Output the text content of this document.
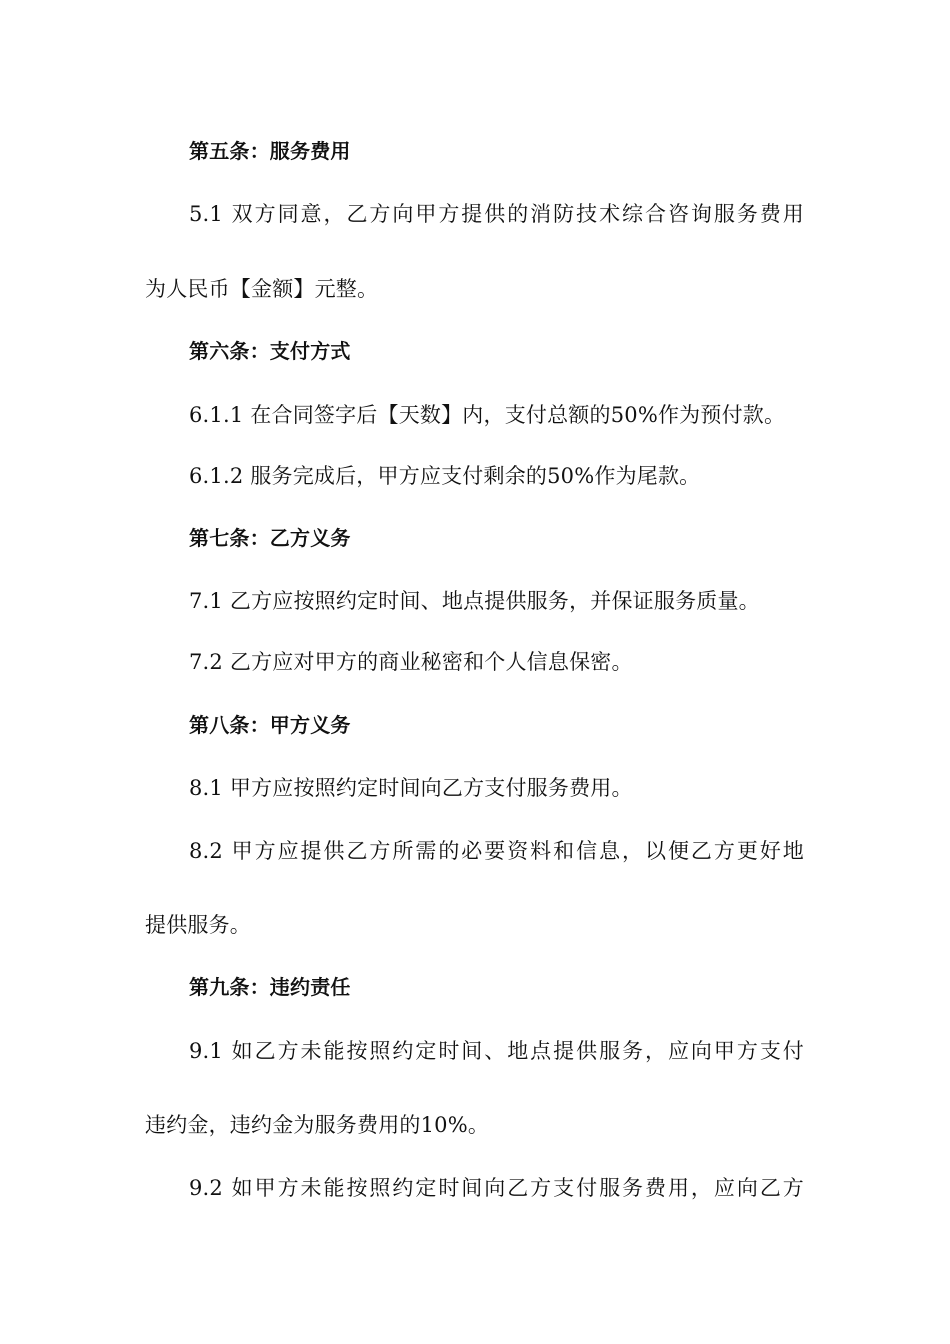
第五条：服务费用
5.1 双方同意，乙方向甲方提供的消防技术综合咨询服务费用
为人民币【金额】元整。
第六条：支付方式
6.1.1 在合同签字后【天数】内，支付总额的50%作为预付款。
6.1.2 服务完成后，甲方应支付剩余的50%作为尾款。
第七条：乙方义务
7.1 乙方应按照约定时间、地点提供服务，并保证服务质量。
7.2 乙方应对甲方的商业秘密和个人信息保密。
第八条：甲方义务
8.1 甲方应按照约定时间向乙方支付服务费用。
8.2 甲方应提供乙方所需的必要资料和信息，以便乙方更好地
提供服务。
第九条：违约责任
9.1 如乙方未能按照约定时间、地点提供服务，应向甲方支付
违约金，违约金为服务费用的10%。
9.2 如甲方未能按照约定时间向乙方支付服务费用，应向乙方
